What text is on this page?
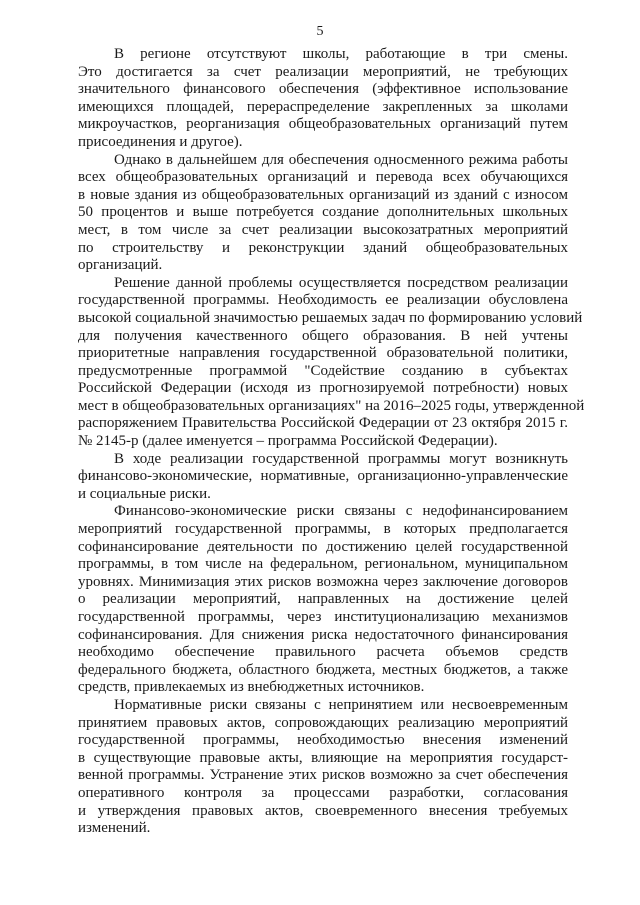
5
В регионе отсутствуют школы, работающие в три смены.
Это достигается за счет реализации мероприятий, не требующих
значительного финансового обеспечения (эффективное использование
имеющихся площадей, перераспределение закрепленных за школами
микроучастков, реорганизация общеобразовательных организаций путем
присоединения и другое).
Однако в дальнейшем для обеспечения односменного режима работы
всех общеобразовательных организаций и перевода всех обучающихся
в новые здания из общеобразовательных организаций из зданий с износом
50 процентов и выше потребуется создание дополнительных школьных
мест, в том числе за счет реализации высокозатратных мероприятий
по строительству и реконструкции зданий общеобразовательных
организаций.
Решение данной проблемы осуществляется посредством реализации
государственной программы. Необходимость ее реализации обусловлена
высокой социальной значимостью решаемых задач по формированию условий
для получения качественного общего образования. В ней учтены
приоритетные направления государственной образовательной политики,
предусмотренные программой "Содействие созданию в субъектах
Российской Федерации (исходя из прогнозируемой потребности) новых
мест в общеобразовательных организациях" на 2016–2025 годы, утвержденной
распоряжением Правительства Российской Федерации от 23 октября 2015 г.
№ 2145-р (далее именуется – программа Российской Федерации).
В ходе реализации государственной программы могут возникнуть
финансово-экономические, нормативные, организационно-управленческие
и социальные риски.
Финансово-экономические риски связаны с недофинансированием
мероприятий государственной программы, в которых предполагается
софинансирование деятельности по достижению целей государственной
программы, в том числе на федеральном, региональном, муниципальном
уровнях. Минимизация этих рисков возможна через заключение договоров
о реализации мероприятий, направленных на достижение целей
государственной программы, через институционализацию механизмов
софинансирования. Для снижения риска недостаточного финансирования
необходимо обеспечение правильного расчета объемов средств
федерального бюджета, областного бюджета, местных бюджетов, а также
средств, привлекаемых из внебюджетных источников.
Нормативные риски связаны с непринятием или несвоевременным
принятием правовых актов, сопровождающих реализацию мероприятий
государственной программы, необходимостью внесения изменений
в существующие правовые акты, влияющие на мероприятия государст-
венной программы. Устранение этих рисков возможно за счет обеспечения
оперативного контроля за процессами разработки, согласования
и утверждения правовых актов, своевременного внесения требуемых
изменений.
